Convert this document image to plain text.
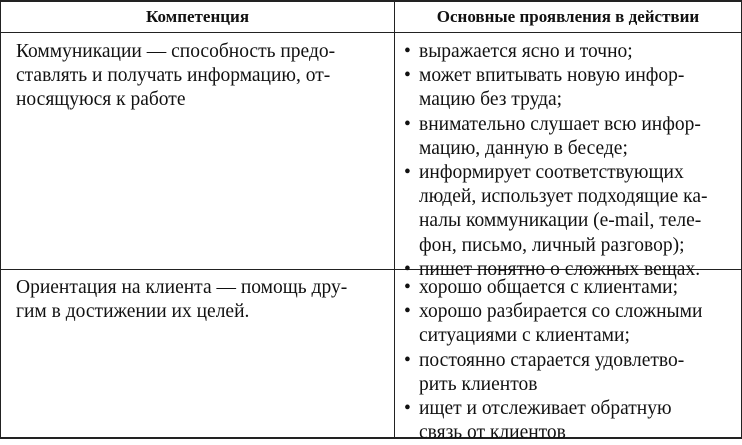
Компетенция	Основные проявления в действии
Коммуникации — способность предо-
ставлять и получать информацию, от-
носящуюся к работе
• выражается ясно и точно;
• может впитывать новую инфор-
мацию без труда;
• внимательно слушает всю инфор-
мацию, данную в беседе;
• информирует соответствующих
людей, использует подходящие ка-
налы коммуникации (e-mail, теле-
фон, письмо, личный разговор);
• пишет понятно о сложных вещах.
Ориентация на клиента — помощь дру-
гим в достижении их целей.
• хорошо общается с клиентами;
• хорошо разбирается со сложными
ситуациями с клиентами;
• постоянно старается удовлетво-
рить клиентов
• ищет и отслеживает обратную
связь от клиентов
